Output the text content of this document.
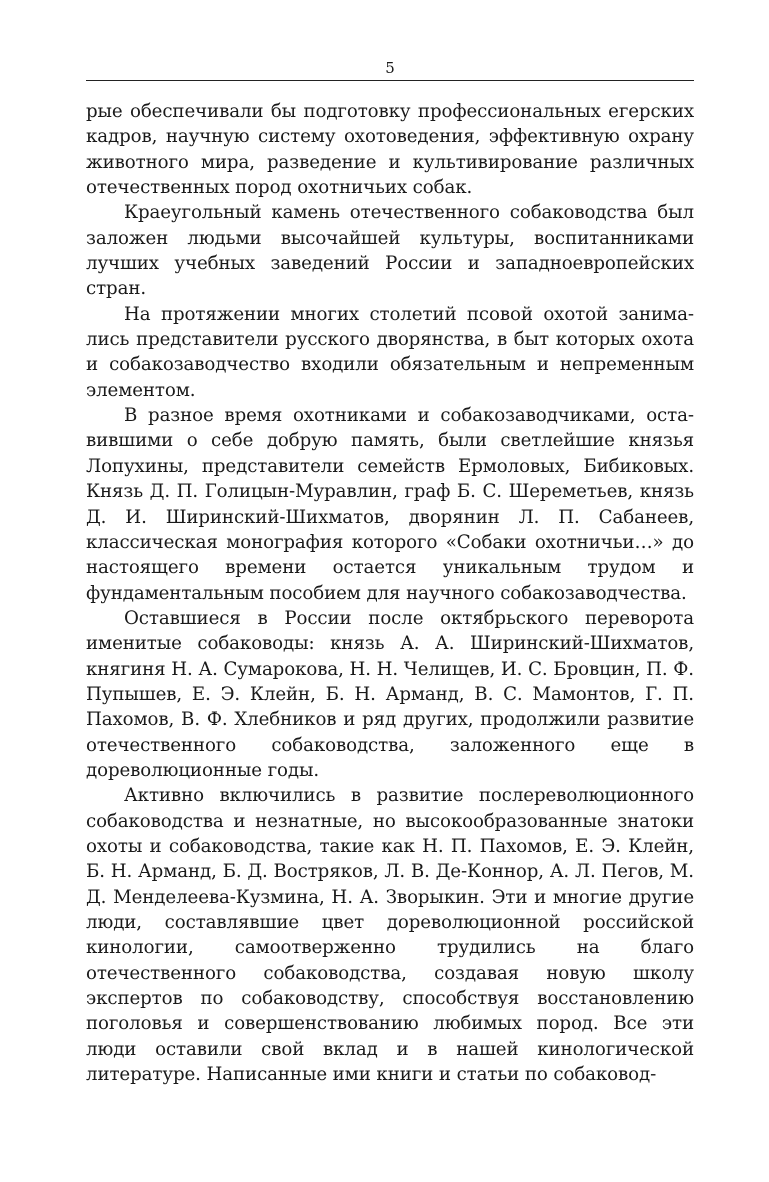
5

рые обеспечивали бы подготовку профессиональных егерских кадров, научную систему охотоведения, эффективную охрану животного мира, разведение и культивирование различных отечественных пород охотничьих собак.

Краеугольный камень отечественного собаководства был заложен людьми высочайшей культуры, воспитанниками лучших учебных заведений России и западноевропейских стран.

На протяжении многих столетий псовой охотой занимались представители русского дворянства, в быт которых охота и собакозаводчество входили обязательным и непременным элементом.

В разное время охотниками и собакозаводчиками, оставившими о себе добрую память, были светлейшие князья Лопухины, представители семейств Ермоловых, Бибиковых. Князь Д. П. Голицын-Муравлин, граф Б. С. Шереметьев, князь Д. И. Ширинский-Шихматов, дворянин Л. П. Сабанеев, классическая монография которого «Собаки охотничьи…» до настоящего времени остается уникальным трудом и фундаментальным пособием для научного собакозаводчества.

Оставшиеся в России после октябрьского переворота именитые собаководы: князь А. А. Ширинский-Шихматов, княгиня Н. А. Сумарокова, Н. Н. Челищев, И. С. Бровцин, П. Ф. Пупышев, Е. Э. Клейн, Б. Н. Арманд, В. С. Мамонтов, Г. П. Пахомов, В. Ф. Хлебников и ряд других, продолжили развитие отечественного собаководства, заложенного еще в дореволюционные годы.

Активно включились в развитие послереволюционного собаководства и незнатные, но высокообразованные знатоки охоты и собаководства, такие как Н. П. Пахомов, Е. Э. Клейн, Б. Н. Арманд, Б. Д. Востряков, Л. В. Де-Коннор, А. Л. Пегов, М. Д. Менделеева-Кузмина, Н. А. Зворыкин. Эти и многие другие люди, составлявшие цвет дореволюционной российской кинологии, самоотверженно трудились на благо отечественного собаководства, создавая новую школу экспертов по собаководству, способствуя восстановлению поголовья и совершенствованию любимых пород. Все эти люди оставили свой вклад и в нашей кинологической литературе. Написанные ими книги и статьи по собаковод-
